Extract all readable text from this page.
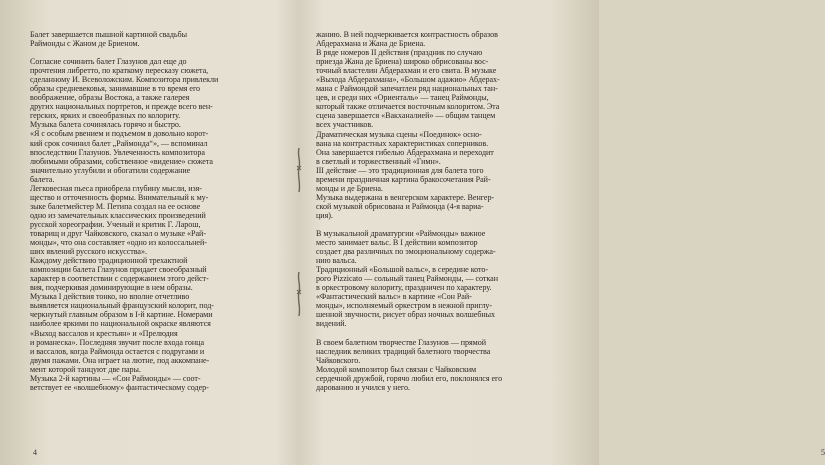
Балет завершается пышной картиной свадьбы
Раймонды с Жаном де Бриеном.
Согласие сочинить балет Глазунов дал еще до
прочтения либретто, по краткому пересказу сюжета,
сделанному И. Всеволожским. Композитора привлекли
образы средневековья, занимавшие в то время его
воображение, образы Востока, а также галерея
других национальных портретов, и прежде всего вен-
герских, ярких и своеобразных по колориту.
Музыка балета сочинялась горячо и быстро.
«Я с особым рвением и подъемом в довольно корот-
кий срок сочинил балет „Раймонда“», — вспоминал
впоследствии Глазунов. Увлеченность композитора
любимыми образами, собственное «видение» сюжета
значительно углубили и обогатили содержание
балета.
Легковесная пьеса приобрела глубину мысли, изя-
щество и отточенность формы. Внимательный к му-
зыке балетмейстер М. Петипа создал на ее основе
одно из замечательных классических произведений
русской хореографии. Ученый и критик Г. Ларош,
товарищ и друг Чайковского, сказал о музыке «Рай-
монды», что она составляет «одно из колоссальней-
ших явлений русского искусства».
Каждому действию традиционной трехактной
композиции балета Глазунов придает своеобразный
характер в соответствии с содержанием этого дейст-
вия, подчеркивая доминирующие в нем образы.
Музыка I действия тонко, но вполне отчетливо
выявляется национальный французский колорит, под-
черкнутый главным образом в I-й картине. Номерами
наиболее яркими по национальной окраске являются
«Выход вассалов и крестьян» и «Прелюдия
и романеска». Последняя звучит после входа гонца
и вассалов, когда Раймонда остается с подругами и
двумя пажами. Она играет на лютне, под аккомпане-
мент которой танцуют две пары.
Музыка 2-й картины — «Сон Раймонды» — соот-
ветствует ее «волшебному» фантастическому содер-
4
жанию. В ней подчеркивается контрастность образов
Абдерахмана и Жана де Бриена.
В ряде номеров II действия (праздник по случаю
приезда Жана де Бриена) широко обрисованы вос-
точный властелин Абдерахман и его свита. В музыке
«Выхода Абдерахмана», «Большом адажио» Абдерах-
мана с Раймондой запечатлен ряд национальных тан-
цев, и среди них «Ориенталь» — танец Раймонды,
который также отличается восточным колоритом. Эта
сцена завершается «Вакханалией» — общим танцем
всех участников.
Драматическая музыка сцены «Поединок» осно-
вана на контрастных характеристиках соперников.
Она завершается гибелью Абдерахмана и переходит
в светлый и торжественный «Гимн».
III действие — это традиционная для балета того
времени праздничная картина бракосочетания Рай-
монды и де Бриена.
Музыка выдержана в венгерском характере. Венгер-
ской музыкой обрисована и Раймонда (4-я вариа-
ция).
В музыкальной драматургии «Раймонды» важное
место занимает вальс. В I действии композитор
создает два различных по эмоциональному содержа-
нию вальса.
Традиционный «Большой вальс», в середине кото-
рого Pizzicato — сольный танец Раймонды, — соткан
в оркестровому колориту, праздничен по характеру.
«Фантастический вальс» в картине «Сон Рай-
монды», исполняемый оркестром в нежной приглу-
шенной звучности, рисует образ ночных волшебных
видений.
В своем балетном творчестве Глазунов — прямой
наследник великих традиций балетного творчества
Чайковского.
Молодой композитор был связан с Чайковским
сердечной дружбой, горячо любил его, поклонялся его
дарованию и учился у него.
5
